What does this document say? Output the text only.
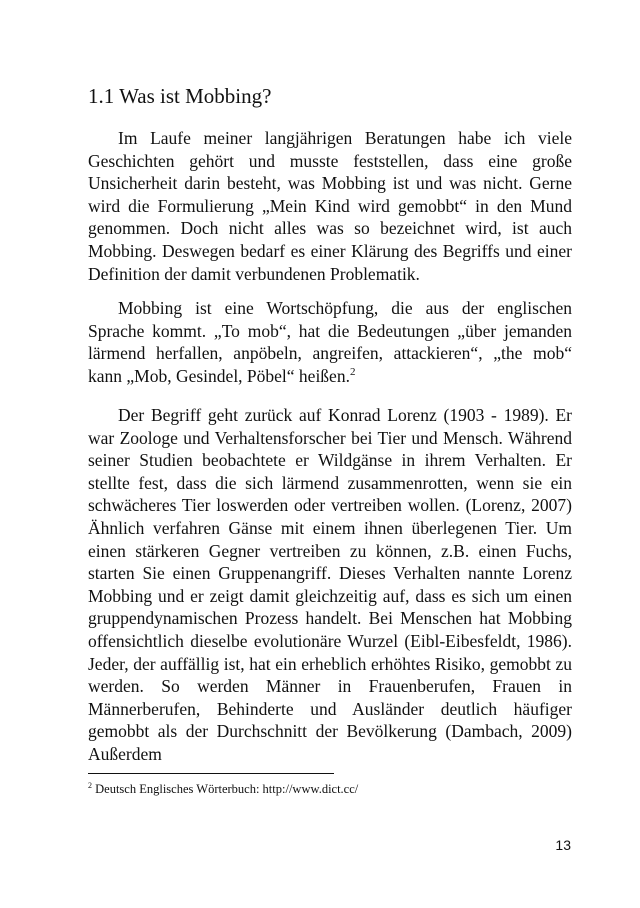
1.1 Was ist Mobbing?

Im Laufe meiner langjährigen Beratungen habe ich viele Geschichten gehört und musste feststellen, dass eine große Unsicherheit darin besteht, was Mobbing ist und was nicht. Gerne wird die Formulierung „Mein Kind wird gemobbt“ in den Mund genommen. Doch nicht alles was so bezeichnet wird, ist auch Mobbing. Deswegen bedarf es einer Klärung des Begriffs und einer Definition der damit verbundenen Problematik.

Mobbing ist eine Wortschöpfung, die aus der englischen Sprache kommt. „To mob“, hat die Bedeutungen „über jemanden lärmend herfallen, anpöbeln, angreifen, attackieren“, „the mob“ kann „Mob, Gesindel, Pöbel“ heißen.$^2$

Der Begriff geht zurück auf Konrad Lorenz (1903 - 1989). Er war Zoologe und Verhaltensforscher bei Tier und Mensch. Während seiner Studien beobachtete er Wildgänse in ihrem Verhalten. Er stellte fest, dass die sich lärmend zusammenrotten, wenn sie ein schwächeres Tier loswerden oder vertreiben wollen. (Lorenz, 2007) Ähnlich verfahren Gänse mit einem ihnen überlegenen Tier. Um einen stärkeren Gegner vertreiben zu können, z.B. einen Fuchs, starten Sie einen Gruppenangriff. Dieses Verhalten nannte Lorenz Mobbing und er zeigt damit gleichzeitig auf, dass es sich um einen gruppendynamischen Prozess handelt. Bei Menschen hat Mobbing offensichtlich dieselbe evolutionäre Wurzel (Eibl-Eibesfeldt, 1986). Jeder, der auffällig ist, hat ein erheblich erhöhtes Risiko, gemobbt zu werden. So werden Männer in Frauenberufen, Frauen in Männerberufen, Behinderte und Ausländer deutlich häufiger gemobbt als der Durchschnitt der Bevölkerung (Dambach, 2009) Außerdem

$^2$ Deutsch Englisches Wörterbuch: http://www.dict.cc/

13
